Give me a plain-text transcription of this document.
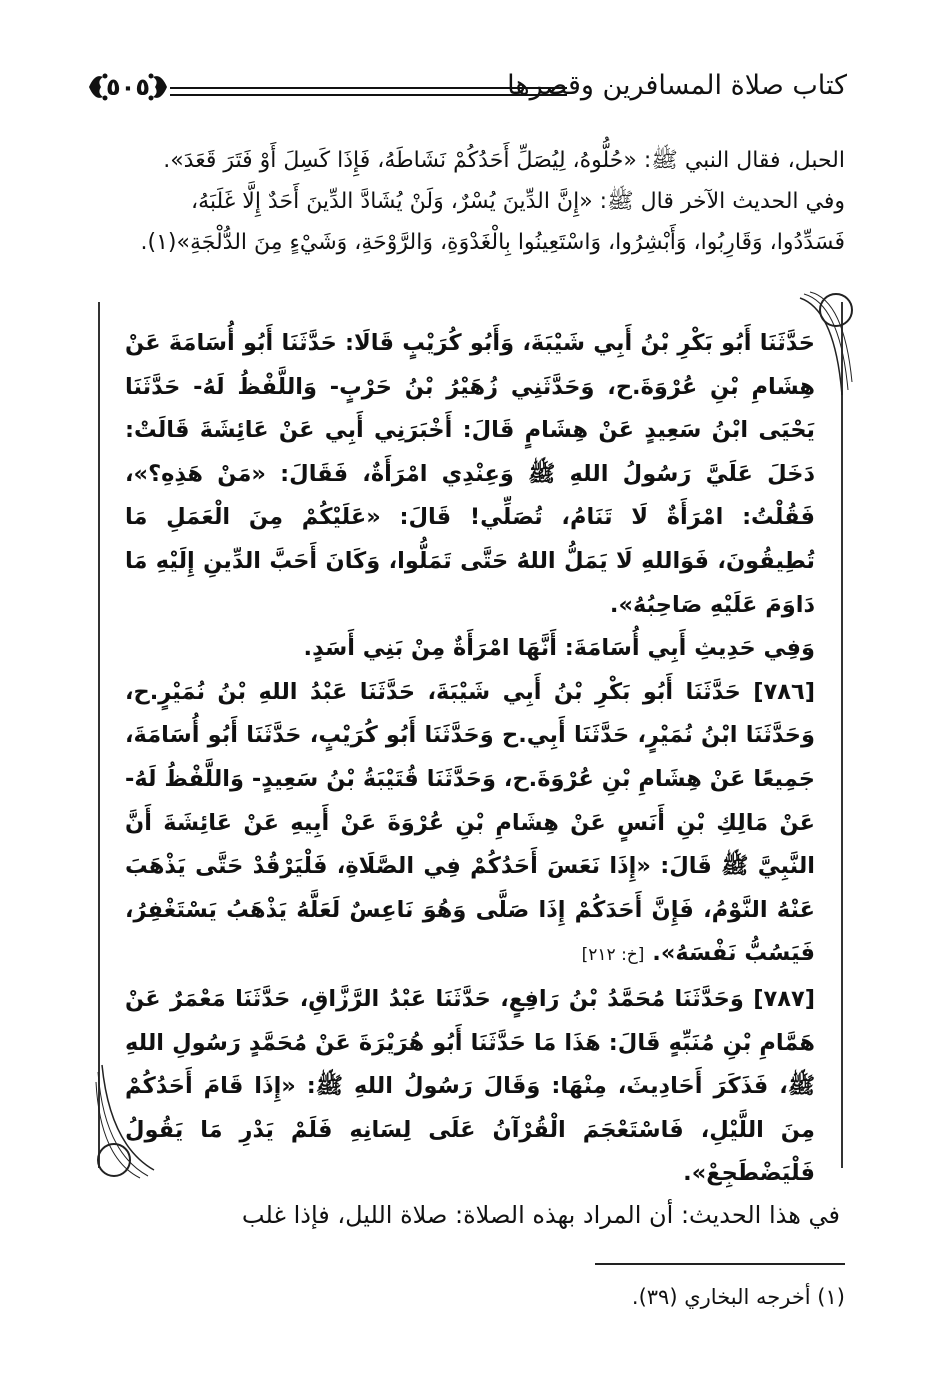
كتاب صلاة المسافرين وقصرها
٥٠٥

الحبل، فقال النبي ﷺ: «حُلُّوهُ، لِيُصَلِّ أَحَدُكُمْ نَشَاطَهُ، فَإِذَا كَسِلَ أَوْ فَتَرَ قَعَدَ».

وفي الحديث الآخر قال ﷺ: «إِنَّ الدِّينَ يُسْرٌ، وَلَنْ يُشَادَّ الدِّينَ أَحَدٌ إِلَّا غَلَبَهُ،

فَسَدِّدُوا، وَقَارِبُوا، وَأَبْشِرُوا، وَاسْتَعِينُوا بِالْغَدْوَةِ، وَالرَّوْحَةِ، وَشَيْءٍ مِنَ الدُّلْجَةِ»(١).

حَدَّثَنَا أَبُو بَكْرِ بْنُ أَبِي شَيْبَةَ، وَأَبُو كُرَيْبٍ قَالَا: حَدَّثَنَا أَبُو أُسَامَةَ عَنْ هِشَامِ بْنِ عُرْوَةَ.ح، وَحَدَّثَنِي زُهَيْرُ بْنُ حَرْبٍ- وَاللَّفْظُ لَهُ- حَدَّثَنَا يَحْيَى ابْنُ سَعِيدٍ عَنْ هِشَامٍ قَالَ: أَخْبَرَنِي أَبِي عَنْ عَائِشَةَ قَالَتْ: دَخَلَ عَلَيَّ رَسُولُ اللهِ ﷺ وَعِنْدِي امْرَأَةٌ، فَقَالَ: «مَنْ هَذِهِ؟»، فَقُلْتُ: امْرَأَةٌ لَا تَنَامُ، تُصَلِّي! قَالَ: «عَلَيْكُمْ مِنَ الْعَمَلِ مَا تُطِيقُونَ، فَوَاللهِ لَا يَمَلُّ اللهُ حَتَّى تَمَلُّوا، وَكَانَ أَحَبَّ الدِّينِ إِلَيْهِ مَا دَاوَمَ عَلَيْهِ صَاحِبُهُ».

وَفِي حَدِيثِ أَبِي أُسَامَةَ: أَنَّهَا امْرَأَةٌ مِنْ بَنِي أَسَدٍ.

[٧٨٦] حَدَّثَنَا أَبُو بَكْرِ بْنُ أَبِي شَيْبَةَ، حَدَّثَنَا عَبْدُ اللهِ بْنُ نُمَيْرٍ.ح، وَحَدَّثَنَا ابْنُ نُمَيْرٍ، حَدَّثَنَا أَبِي.ح وَحَدَّثَنَا أَبُو كُرَيْبٍ، حَدَّثَنَا أَبُو أُسَامَةَ، جَمِيعًا عَنْ هِشَامِ بْنِ عُرْوَةَ.ح، وَحَدَّثَنَا قُتَيْبَةُ بْنُ سَعِيدٍ- وَاللَّفْظُ لَهُ- عَنْ مَالِكِ بْنِ أَنَسٍ عَنْ هِشَامِ بْنِ عُرْوَةَ عَنْ أَبِيهِ عَنْ عَائِشَةَ أَنَّ النَّبِيَّ ﷺ قَالَ: «إِذَا نَعَسَ أَحَدُكُمْ فِي الصَّلَاةِ، فَلْيَرْقُدْ حَتَّى يَذْهَبَ عَنْهُ النَّوْمُ، فَإِنَّ أَحَدَكُمْ إِذَا صَلَّى وَهُوَ نَاعِسٌ لَعَلَّهُ يَذْهَبُ يَسْتَغْفِرُ، فَيَسُبُّ نَفْسَهُ». [خ: ٢١٢]

[٧٨٧] وَحَدَّثَنَا مُحَمَّدُ بْنُ رَافِعٍ، حَدَّثَنَا عَبْدُ الرَّزَّاقِ، حَدَّثَنَا مَعْمَرٌ عَنْ هَمَّامِ بْنِ مُنَبِّهٍ قَالَ: هَذَا مَا حَدَّثَنَا أَبُو هُرَيْرَةَ عَنْ مُحَمَّدٍ رَسُولِ اللهِ ﷺ، فَذَكَرَ أَحَادِيثَ، مِنْهَا: وَقَالَ رَسُولُ اللهِ ﷺ: «إِذَا قَامَ أَحَدُكُمْ مِنَ اللَّيْلِ، فَاسْتَعْجَمَ الْقُرْآنُ عَلَى لِسَانِهِ فَلَمْ يَدْرِ مَا يَقُولُ فَلْيَضْطَجِعْ».

في هذا الحديث: أن المراد بهذه الصلاة: صلاة الليل، فإذا غلب
(١) أخرجه البخاري (٣٩).
